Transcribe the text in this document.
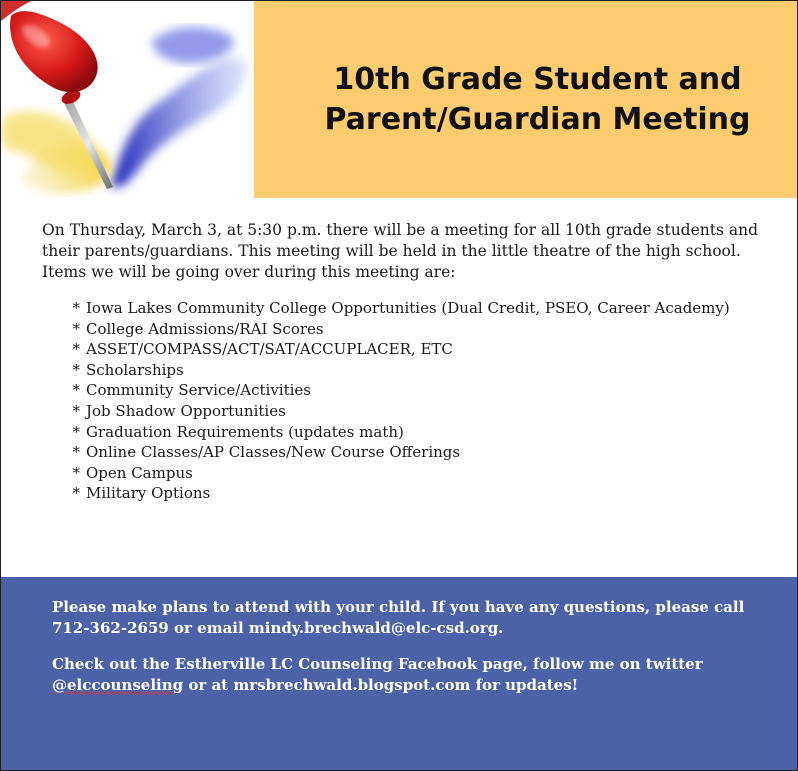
10th Grade Student and
Parent/Guardian Meeting
On Thursday, March 3, at 5:30 p.m. there will be a meeting for all 10th grade students and their parents/guardians. This meeting will be held in the little theatre of the high school. Items we will be going over during this meeting are:
* Iowa Lakes Community College Opportunities (Dual Credit, PSEO, Career Academy)
* College Admissions/RAI Scores
* ASSET/COMPASS/ACT/SAT/ACCUPLACER, ETC
* Scholarships
* Community Service/Activities
* Job Shadow Opportunities
* Graduation Requirements (updates math)
* Online Classes/AP Classes/New Course Offerings
* Open Campus
* Military Options

Please make plans to attend with your child. If you have any questions, please call 712-362-2659 or email mindy.brechwald@elc-csd.org.

Check out the Estherville LC Counseling Facebook page, follow me on twitter @elccounseling or at mrsbrechwald.blogspot.com for updates!
